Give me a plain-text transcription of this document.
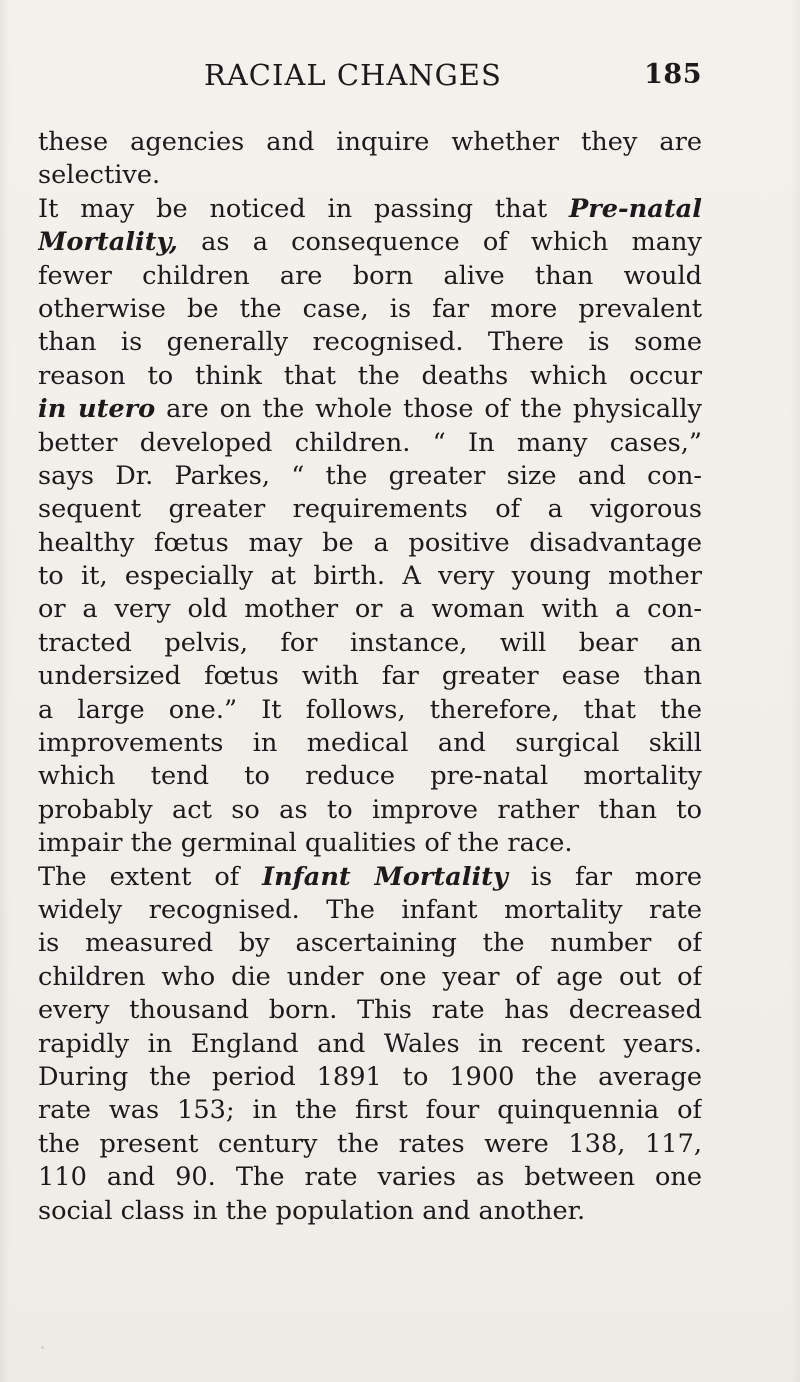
RACIAL CHANGES	185
these agencies and inquire whether they are
selective.
It may be noticed in passing that Pre-natal
Mortality, as a consequence of which many
fewer children are born alive than would
otherwise be the case, is far more prevalent
than is generally recognised. There is some
reason to think that the deaths which occur
in utero are on the whole those of the physically
better developed children. “ In many cases,”
says Dr. Parkes, “ the greater size and con-
sequent greater requirements of a vigorous
healthy fœtus may be a positive disadvantage
to it, especially at birth. A very young mother
or a very old mother or a woman with a con-
tracted pelvis, for instance, will bear an
undersized fœtus with far greater ease than
a large one.” It follows, therefore, that the
improvements in medical and surgical skill
which tend to reduce pre-natal mortality
probably act so as to improve rather than to
impair the germinal qualities of the race.
The extent of Infant Mortality is far more
widely recognised. The infant mortality rate
is measured by ascertaining the number of
children who die under one year of age out of
every thousand born. This rate has decreased
rapidly in England and Wales in recent years.
During the period 1891 to 1900 the average
rate was 153; in the first four quinquennia of
the present century the rates were 138, 117,
110 and 90. The rate varies as between one
social class in the population and another.
